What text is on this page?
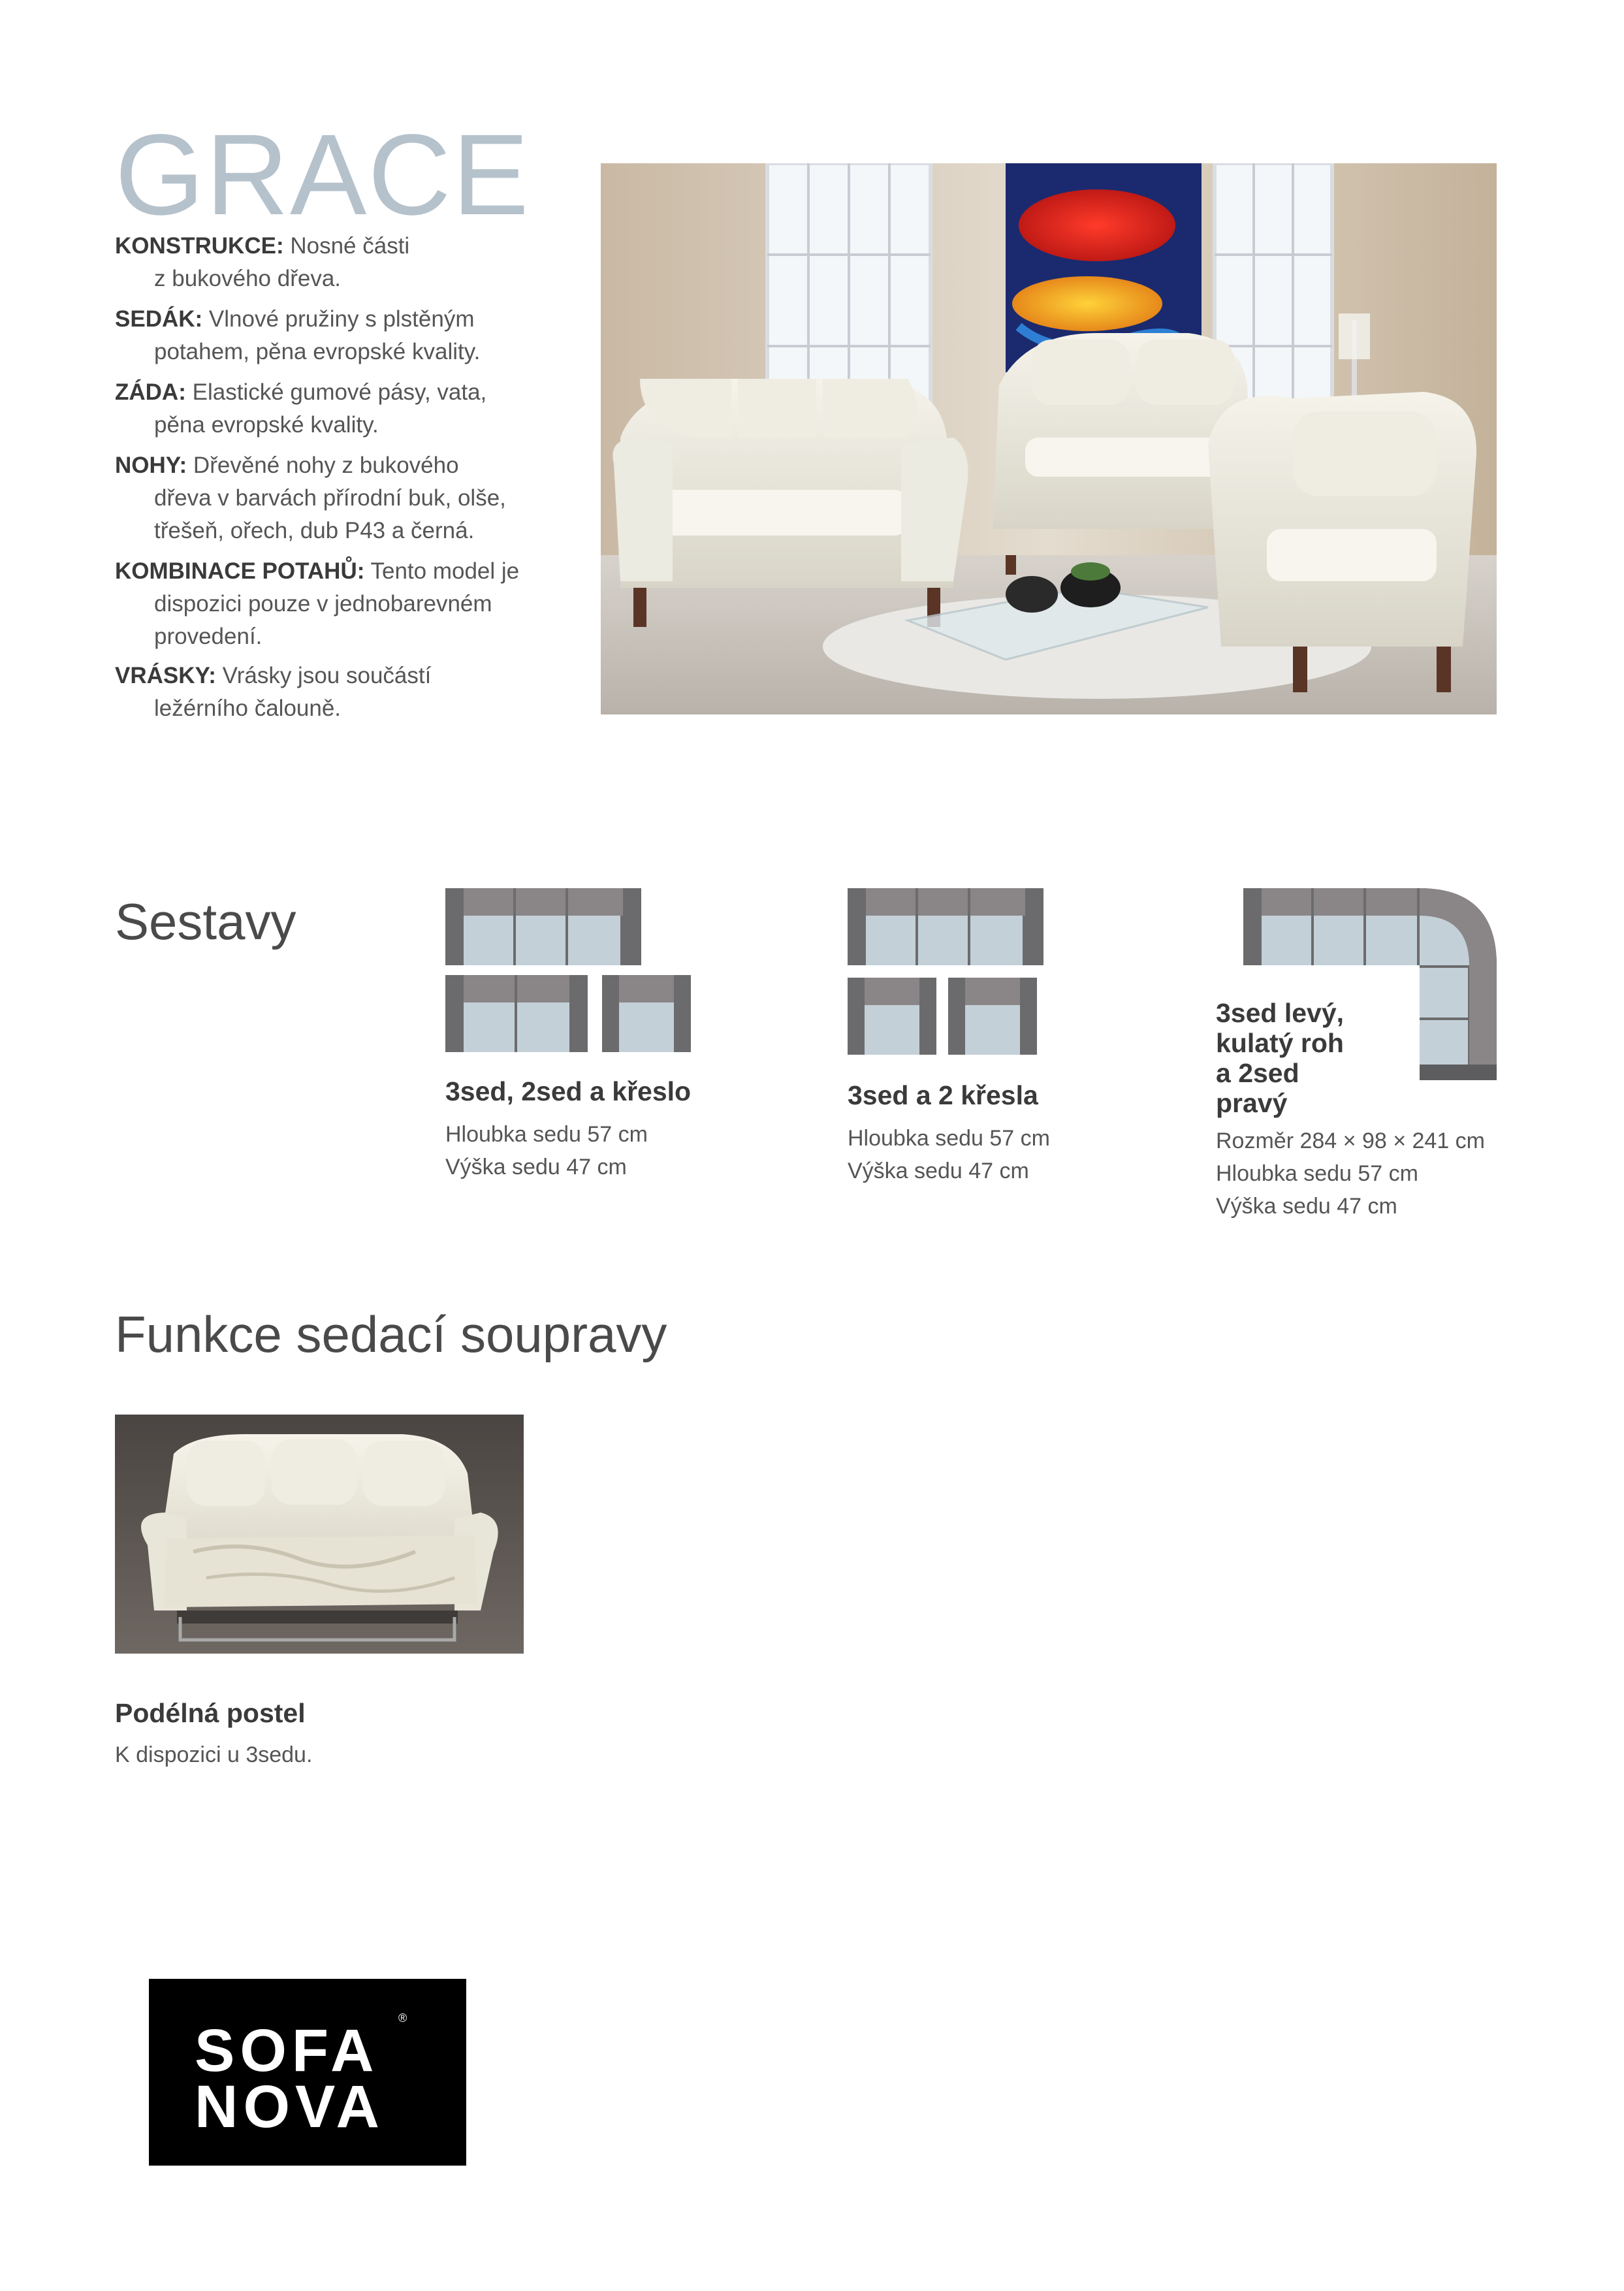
GRACE
KONSTRUKCE: Nosné části
z bukového dřeva.
SEDÁK: Vlnové pružiny s plstěným
potahem, pěna evropské kvality.
ZÁDA: Elastické gumové pásy, vata,
pěna evropské kvality.
NOHY: Dřevěné nohy z bukového
dřeva v barvách přírodní buk, olše,
třešeň, ořech, dub P43 a černá.
KOMBINACE POTAHŮ: Tento model je
dispozici pouze v jednobarevném
provedení.
VRÁSKY: Vrásky jsou součástí
ležérního čalouně.
Sestavy
3sed, 2sed a křeslo
Hloubka sedu 57 cm
Výška sedu 47 cm
3sed a 2 křesla
Hloubka sedu 57 cm
Výška sedu 47 cm
3sed levý,
kulatý roh
a 2sed
pravý
Rozměr 284 × 98 × 241 cm
Hloubka sedu 57 cm
Výška sedu 47 cm
Funkce sedací soupravy
Podélná postel
K dispozici u 3sedu.
SOFA	®
NOVA
